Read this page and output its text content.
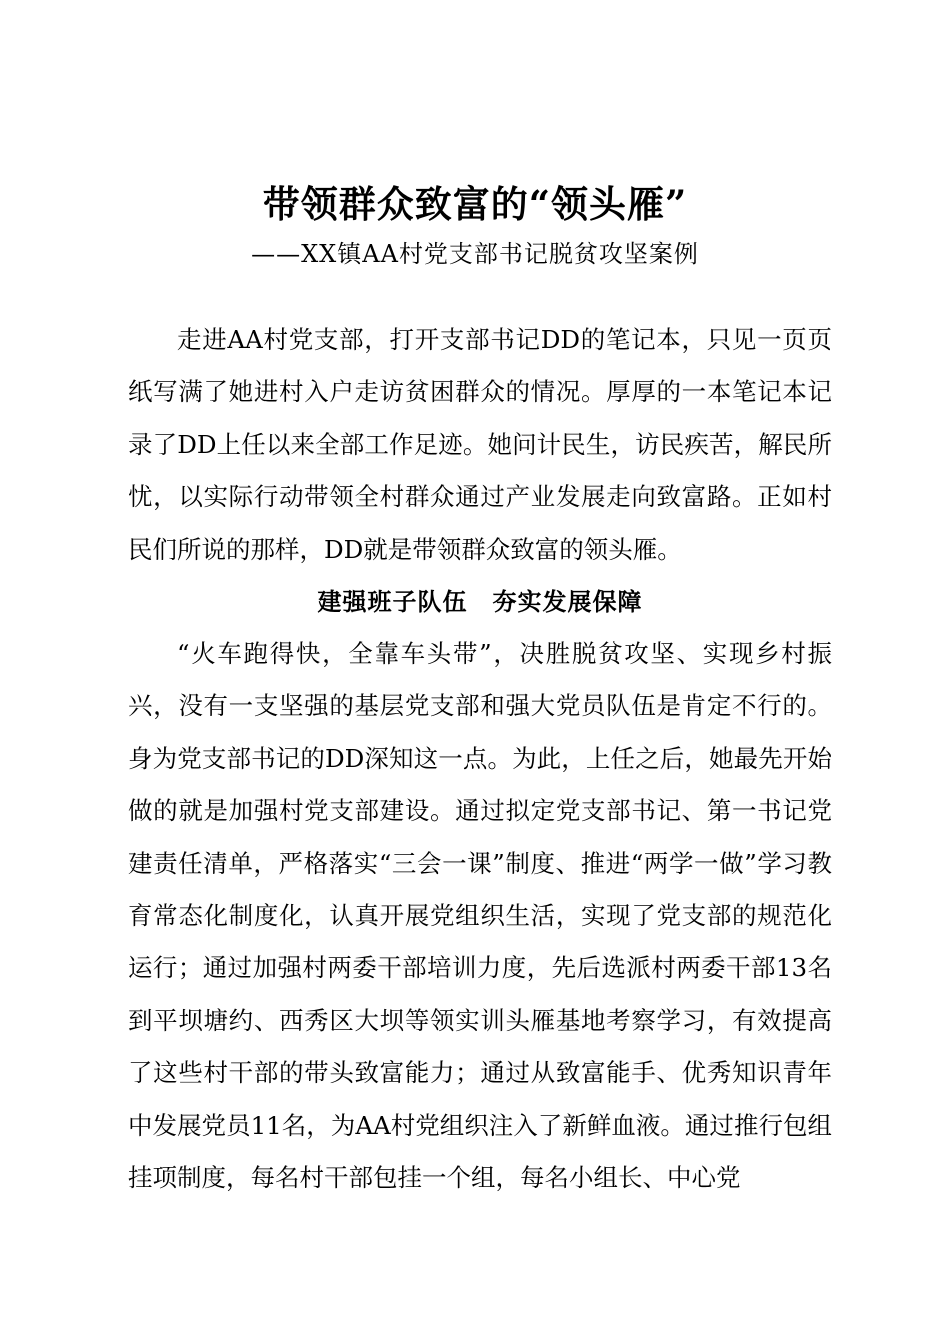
带领群众致富的“领头雁”
——XX镇AA村党支部书记脱贫攻坚案例

走进AA村党支部，打开支部书记DD的笔记本，只见一页页纸写满了她进村入户走访贫困群众的情况。厚厚的一本笔记本记录了DD上任以来全部工作足迹。她问计民生，访民疾苦，解民所忧，以实际行动带领全村群众通过产业发展走向致富路。正如村民们所说的那样，DD就是带领群众致富的领头雁。

建强班子队伍　夯实发展保障

“火车跑得快，全靠车头带”，决胜脱贫攻坚、实现乡村振兴，没有一支坚强的基层党支部和强大党员队伍是肯定不行的。身为党支部书记的DD深知这一点。为此，上任之后，她最先开始做的就是加强村党支部建设。通过拟定党支部书记、第一书记党建责任清单，严格落实“三会一课”制度、推进“两学一做”学习教育常态化制度化，认真开展党组织生活，实现了党支部的规范化运行；通过加强村两委干部培训力度，先后选派村两委干部13名到平坝塘约、西秀区大坝等领实训头雁基地考察学习，有效提高了这些村干部的带头致富能力；通过从致富能手、优秀知识青年中发展党员11名，为AA村党组织注入了新鲜血液。通过推行包组挂项制度，每名村干部包挂一个组，每名小组长、中心党
